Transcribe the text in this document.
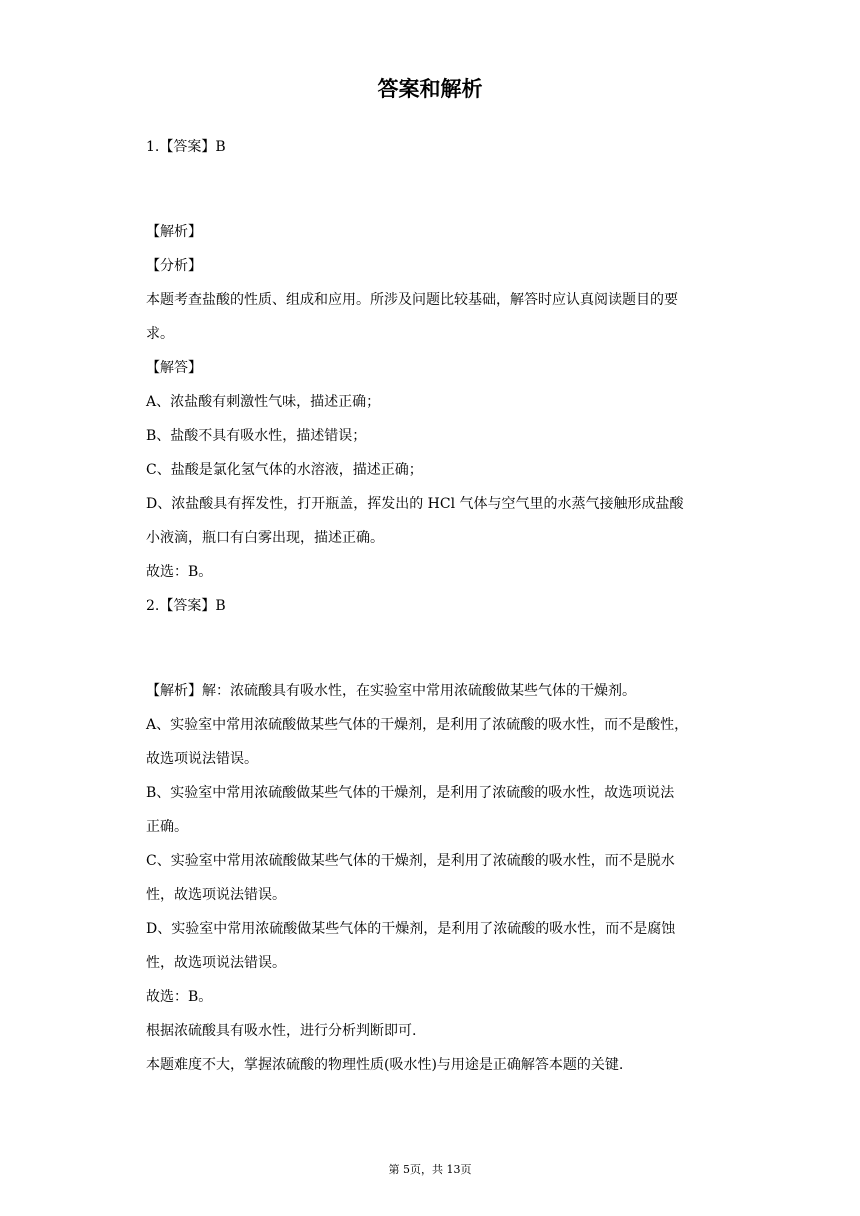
答案和解析

1.【答案】B

【解析】

【分析】

本题考查盐酸的性质、组成和应用。所涉及问题比较基础，解答时应认真阅读题目的要

求。

【解答】

A、浓盐酸有刺激性气味，描述正确；

B、盐酸不具有吸水性，描述错误；

C、盐酸是氯化氢气体的水溶液，描述正确；

D、浓盐酸具有挥发性，打开瓶盖，挥发出的 HCl 气体与空气里的水蒸气接触形成盐酸

小液滴，瓶口有白雾出现，描述正确。

故选：B。

2.【答案】B

【解析】解：浓硫酸具有吸水性，在实验室中常用浓硫酸做某些气体的干燥剂。

A、实验室中常用浓硫酸做某些气体的干燥剂，是利用了浓硫酸的吸水性，而不是酸性，

故选项说法错误。

B、实验室中常用浓硫酸做某些气体的干燥剂，是利用了浓硫酸的吸水性，故选项说法

正确。

C、实验室中常用浓硫酸做某些气体的干燥剂，是利用了浓硫酸的吸水性，而不是脱水

性，故选项说法错误。

D、实验室中常用浓硫酸做某些气体的干燥剂，是利用了浓硫酸的吸水性，而不是腐蚀

性，故选项说法错误。

故选：B。

根据浓硫酸具有吸水性，进行分析判断即可.

本题难度不大，掌握浓硫酸的物理性质(吸水性)与用途是正确解答本题的关键.

第 5页，共 13页
